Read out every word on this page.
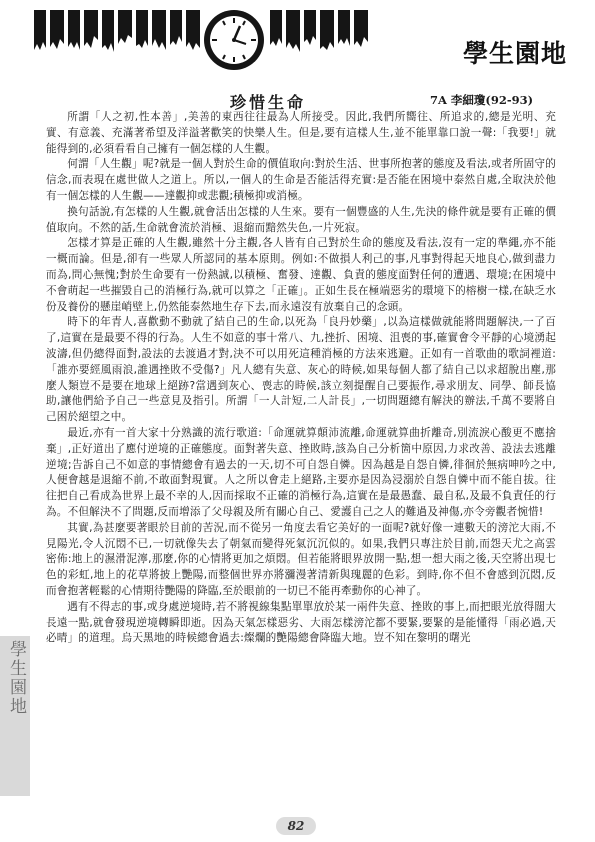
學生園地
珍惜生命	7A 李細瓊(92-93)

所謂「人之初,性本善」,美善的東西往往最為人所接受。因此,我們所嚮往、所追求的,總是光明、充實、有意義、充滿著希望及洋溢著歡笑的快樂人生。但是,要有這樣人生,並不能單靠口說一聲:「我要!」就能得到的,必須看看自己擁有一個怎樣的人生觀。

何謂「人生觀」呢?就是一個人對於生命的價值取向:對於生活、世事所抱著的態度及看法,或者所固守的信念,而表現在處世做人之道上。所以,一個人的生命是否能活得充實:是否能在困境中泰然自處,全取決於他有一個怎樣的人生觀——達觀抑或悲觀;積極抑或消極。

換句話說,有怎樣的人生觀,就會活出怎樣的人生來。要有一個豐盛的人生,先決的條件就是要有正確的價值取向。不然的話,生命就會流於消極、退縮而黯然失色,一片死寂。

怎樣才算是正確的人生觀,雖然十分主觀,各人皆有自己對於生命的態度及看法,沒有一定的準繩,亦不能一概而論。但是,卻有一些眾人所認同的基本原則。例如:不做損人利己的事,凡事對得起天地良心,做到盡力而為,問心無愧;對於生命要有一份熱誠,以積極、奮發、達觀、負責的態度面對任何的遭遇、環境;在困境中不會萌起一些摧毀自己的消極行為,就可以算之「正確」。正如生長在極端惡劣的環境下的榕樹一樣,在缺乏水份及養份的懸崖峭壁上,仍然能泰然地生存下去,而永遠沒有放棄自己的念頭。

時下的年青人,喜歡動不動就了結自己的生命,以死為「良丹妙藥」,以為這樣做就能將問題解決,一了百了,這實在是最要不得的行為。人生不如意的事十常八、九,挫折、困境、沮喪的事,確實會令平靜的心境湧起波濤,但仍總得面對,設法的去渡過才對,決不可以用死這種消極的方法來逃避。正如有一首歌曲的歌詞裡道:「誰亦要經風雨浪,誰遇挫敗不受傷?」凡人總有失意、灰心的時候,如果每個人都了結自己以求超脫出塵,那麼人類豈不是要在地球上絕跡?當遇到灰心、喪志的時候,該立刻提醒自己要振作,尋求朋友、同學、師長協助,讓他們給予自己一些意見及指引。所謂「一人計短,二人計長」,一切問題總有解決的辦法,千萬不要將自己困於絕望之中。

最近,亦有一首大家十分熟識的流行歌道:「命運就算顛沛流離,命運就算曲折離奇,別流淚心酸更不應捨棄」,正好道出了應付逆境的正確態度。面對著失意、挫敗時,該為自己分析箇中原因,力求改善、設法去逃離逆境;告訴自己不如意的事情總會有過去的一天,切不可自怨自憐。因為越是自怨自憐,徘徊於無病呻吟之中,人便會越是退縮不前,不敢面對現實。人之所以會走上絕路,主要亦是因為浸溺於自怨自憐中而不能自拔。往往把自己看成為世界上最不幸的人,因而採取不正確的消極行為,這實在是最愚蠢、最自私,及最不負責任的行為。不但解決不了問題,反而增添了父母親及所有關心自己、愛護自己之人的難過及神傷,亦令旁觀者惋惜!

其實,為甚麼要著眼於目前的苦況,而不從另一角度去看它美好的一面呢?就好像一連數天的滂沱大雨,不見陽光,令人沉悶不已,一切就像失去了朝氣而變得死氣沉沉似的。如果,我們只專注於目前,而怨天尤之高雲密佈:地上的濕滑泥濘,那麼,你的心情將更加之煩悶。但若能將眼界放開一點,想一想大雨之後,天空將出現七色的彩虹,地上的花草將披上艷陽,而整個世界亦將瀰漫著清新與瑰麗的色彩。到時,你不但不會感到沉悶,反而會抱著輕鬆的心情期待艷陽的降臨,至於眼前的一切已不能再牽動你的心神了。

遇有不得志的事,或身處逆境時,若不將視線集點單單放於某一兩件失意、挫敗的事上,而把眼光放得闊大長遠一點,就會發現逆境轉瞬即逝。因為天氣怎樣惡劣、大雨怎樣滂沱都不要緊,要緊的是能懂得「雨必過,天必晴」的道理。烏天黑地的時候總會過去:燦爛的艷陽總會降臨大地。豈不知在黎明的曙光

學生園地
82
